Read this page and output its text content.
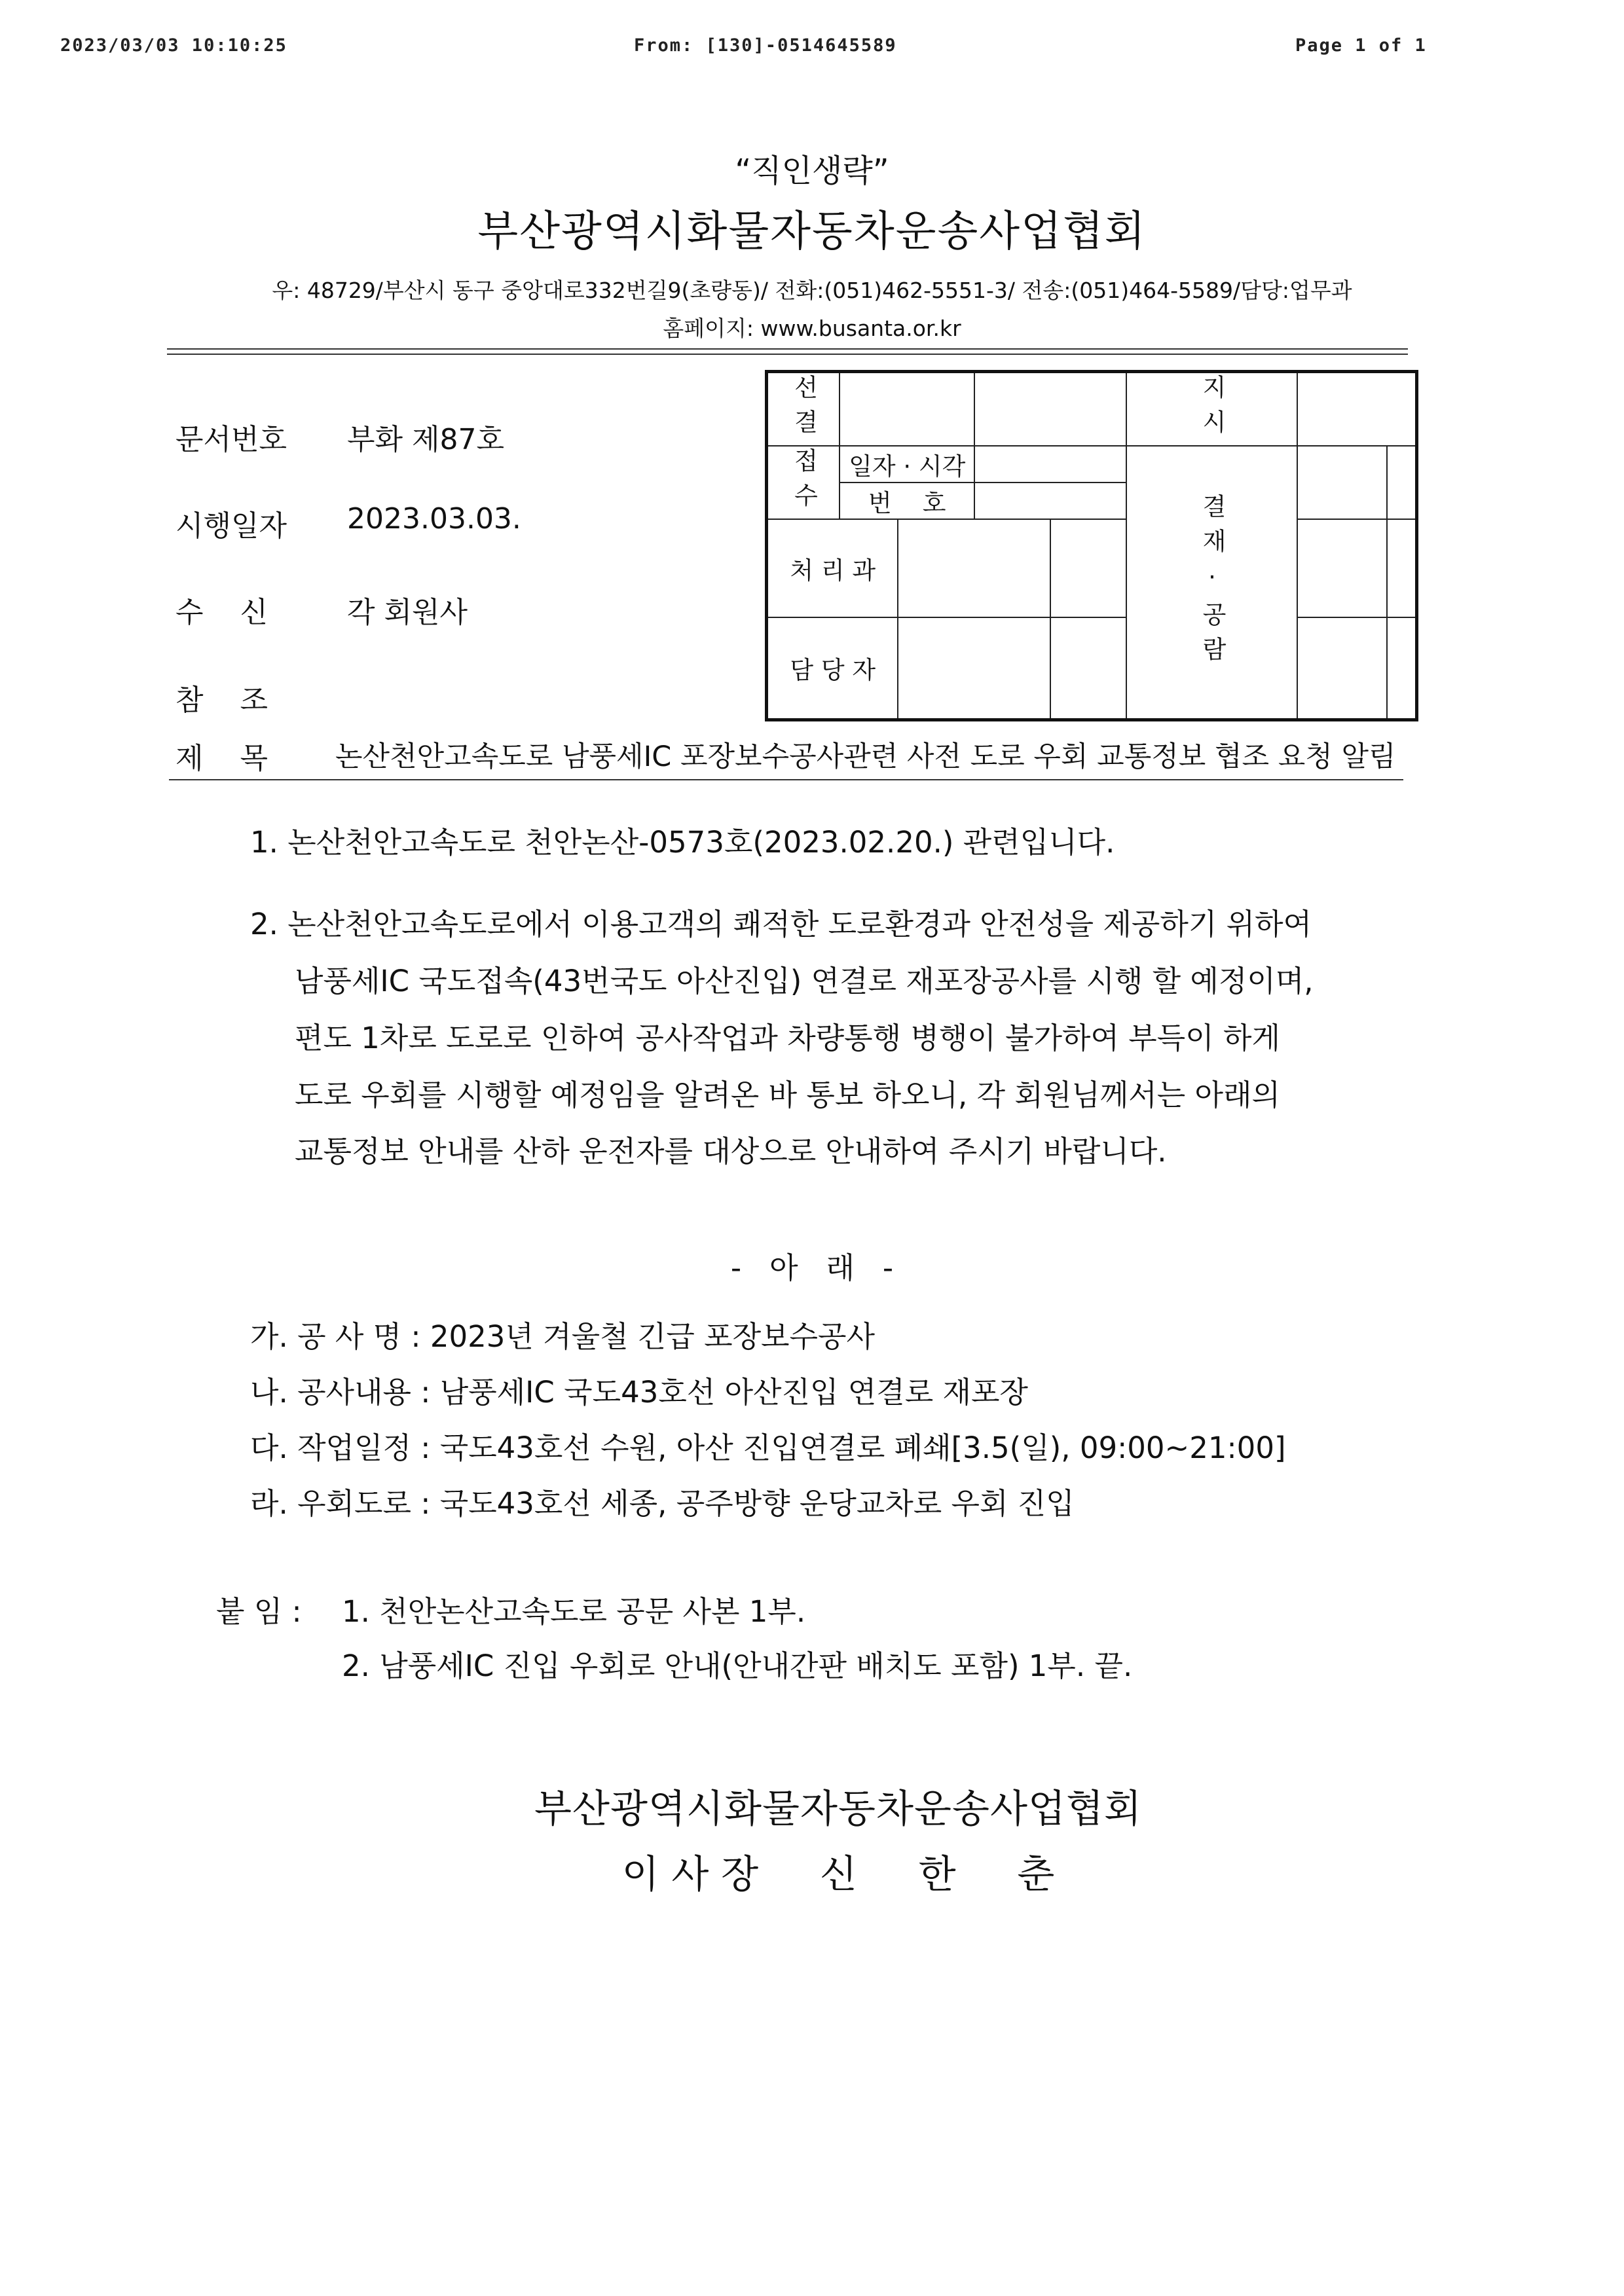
2023/03/03 10:10:25	From: [130]-0514645589	Page 1 of 1
“직인생략”
부산광역시화물자동차운송사업협회
우: 48729/부산시 동구 중앙대로332번길9(초량동)/ 전화:(051)462-5551-3/ 전송:(051)464-5589/담당:업무과
홈페이지: www.busanta.or.kr
문서번호 부화 제87호
시행일자 2023.03.03.
수    신	각 회원사
참    조
제    목 논산천안고속도로 남풍세IC 포장보수공사관련 사전 도로 우회 교통정보 협조 요청 알림
선결					지시		
접수	일자 · 시각				결재·공람		
	번    호						
처 리 과							
담 당 자							
1. 논산천안고속도로 천안논산-0573호(2023.02.20.) 관련입니다.
2. 논산천안고속도로에서 이용고객의 쾌적한 도로환경과 안전성을 제공하기 위하여
남풍세IC 국도접속(43번국도 아산진입) 연결로 재포장공사를 시행 할 예정이며,
편도 1차로 도로로 인하여 공사작업과 차량통행 병행이 불가하여 부득이 하게
도로 우회를 시행할 예정임을 알려온 바 통보 하오니, 각 회원님께서는 아래의
교통정보 안내를 산하 운전자를 대상으로 안내하여 주시기 바랍니다.
-   아   래   -
가. 공 사 명 : 2023년 겨울철 긴급 포장보수공사
나. 공사내용 : 남풍세IC 국도43호선 아산진입 연결로 재포장
다. 작업일정 : 국도43호선 수원, 아산 진입연결로 폐쇄[3.5(일), 09:00~21:00]
라. 우회도로 : 국도43호선 세종, 공주방향 운당교차로 우회 진입
붙 임 : 1. 천안논산고속도로 공문 사본 1부.
2. 남풍세IC 진입 우회로 안내(안내간판 배치도 포함) 1부. 끝.
부산광역시화물자동차운송사업협회
이 사 장     신     한     춘
